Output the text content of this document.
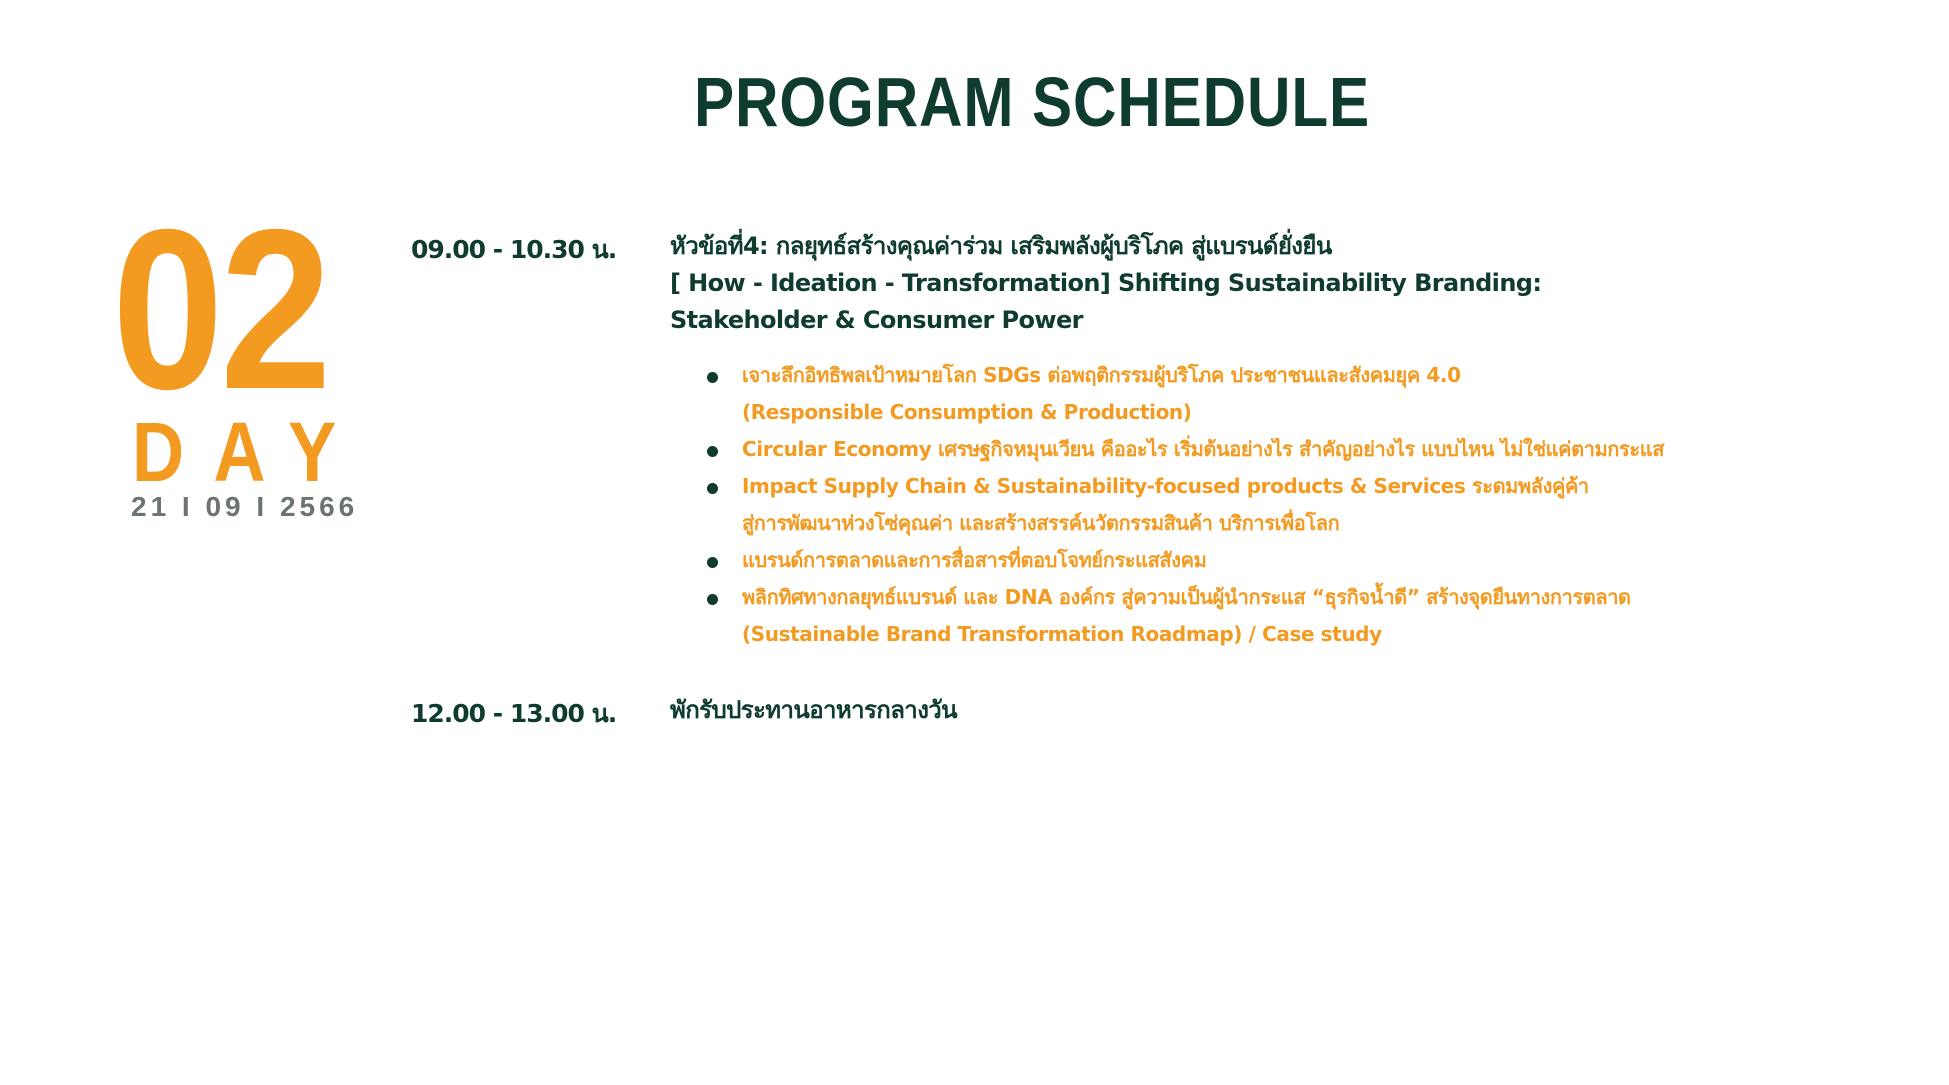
PROGRAM SCHEDULE
02
DAY
21 I 09 I 2566
09.00 - 10.30 น. หัวข้อที่4: กลยุทธ์สร้างคุณค่าร่วม เสริมพลังผู้บริโภค สู่แบรนด์ยั่งยืน
[ How - Ideation - Transformation] Shifting Sustainability Branding:
Stakeholder & Consumer Power
เจาะลึกอิทธิพลเป้าหมายโลก SDGs ต่อพฤติกรรมผู้บริโภค ประชาชนและสังคมยุค 4.0
(Responsible Consumption & Production)
Circular Economy เศรษฐกิจหมุนเวียน คืออะไร เริ่มต้นอย่างไร สำคัญอย่างไร แบบไหน ไม่ใช่แค่ตามกระแส
Impact Supply Chain & Sustainability-focused products & Services ระดมพลังคู่ค้า
สู่การพัฒนาห่วงโซ่คุณค่า และสร้างสรรค์นวัตกรรมสินค้า บริการเพื่อโลก
แบรนด์การตลาดและการสื่อสารที่ตอบโจทย์กระแสสังคม
พลิกทิศทางกลยุทธ์แบรนด์ และ DNA องค์กร สู่ความเป็นผู้นำกระแส “ธุรกิจน้ำดี” สร้างจุดยืนทางการตลาด
(Sustainable Brand Transformation Roadmap) / Case study
12.00 - 13.00 น. พักรับประทานอาหารกลางวัน
